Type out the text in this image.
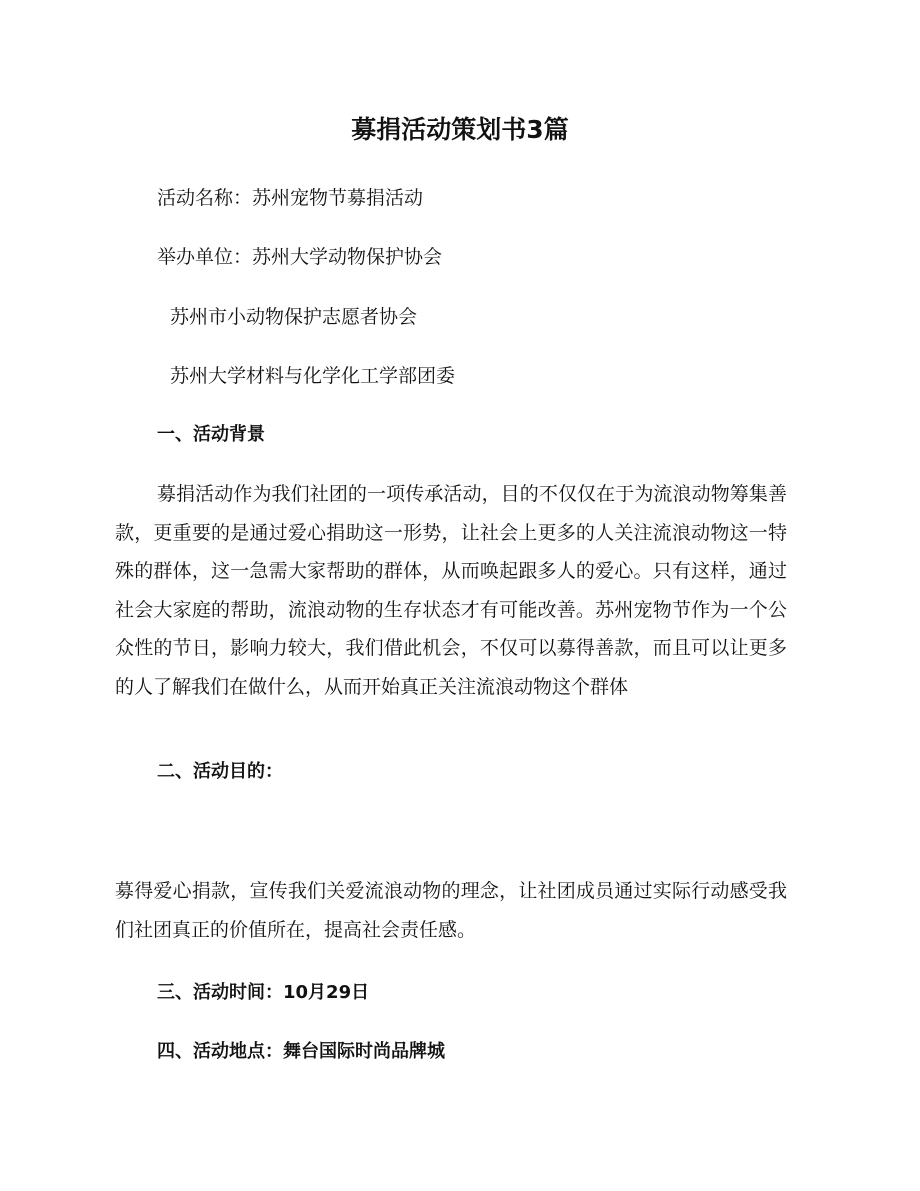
募捐活动策划书3篇
活动名称：苏州宠物节募捐活动
举办单位：苏州大学动物保护协会
苏州市小动物保护志愿者协会
苏州大学材料与化学化工学部团委
一、活动背景

募捐活动作为我们社团的一项传承活动，目的不仅仅在于为流浪动物筹集善款，更重要的是通过爱心捐助这一形势，让社会上更多的人关注流浪动物这一特殊的群体，这一急需大家帮助的群体，从而唤起跟多人的爱心。只有这样，通过社会大家庭的帮助，流浪动物的生存状态才有可能改善。苏州宠物节作为一个公众性的节日，影响力较大，我们借此机会，不仅可以募得善款，而且可以让更多的人了解我们在做什么，从而开始真正关注流浪动物这个群体

二、活动目的：

募得爱心捐款，宣传我们关爱流浪动物的理念，让社团成员通过实际行动感受我们社团真正的价值所在，提高社会责任感。

三、活动时间：10月29日
四、活动地点：舞台国际时尚品牌城
